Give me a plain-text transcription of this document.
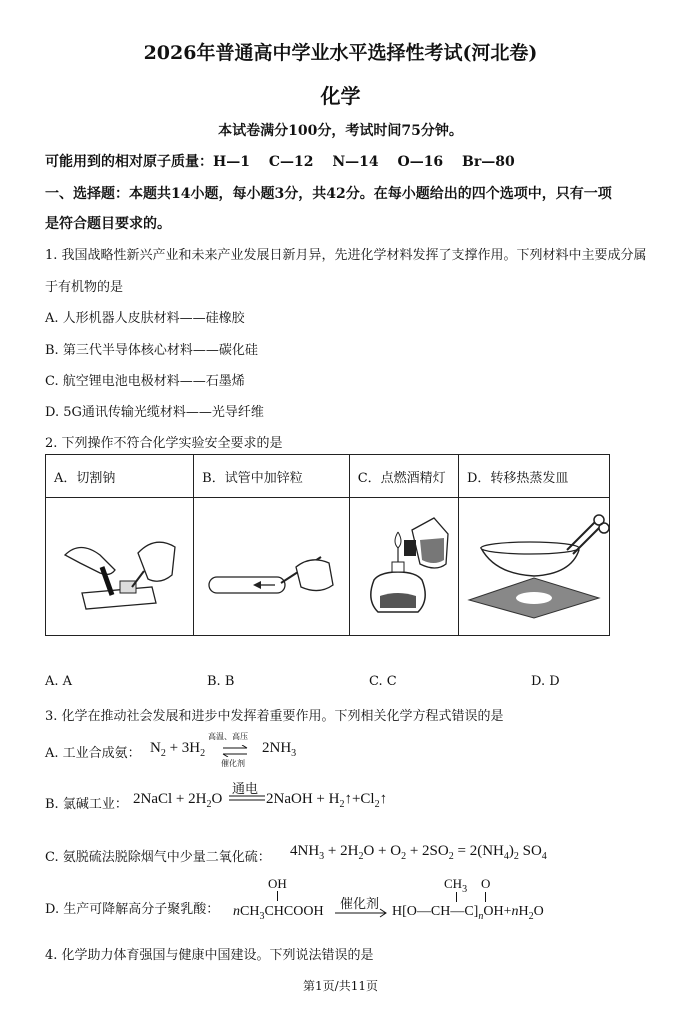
2026年普通高中学业水平选择性考试(河北卷)
化学
本试卷满分100分，考试时间75分钟。
可能用到的相对原子质量：H—1　 C—12　 N—14　 O—16　 Br—80
一、选择题：本题共14小题，每小题3分，共42分。在每小题给出的四个选项中，只有一项
是符合题目要求的。
1. 我国战略性新兴产业和未来产业发展日新月异，先进化学材料发挥了支撑作用。下列材料中主要成分属
于有机物的是
A. 人形机器人皮肤材料——硅橡胶
B. 第三代半导体核心材料——碳化硅
C. 航空锂电池电极材料——石墨烯
D. 5G通讯传输光缆材料——光导纤维
2. 下列操作不符合化学实验安全要求的是
A．切割钠	B．试管中加锌粒	C．点燃酒精灯	D．转移热蒸发皿

A. A	B. B	C. C	D. D
3. 化学在推动社会发展和进步中发挥着重要作用。下列相关化学方程式错误的是
A. 工业合成氨： $N_2 + 3H_2$
高温、高压
催化剂
$2NH_3$
B. 氯碱工业： 2NaCl + $2H_2O$
通电
2NaOH + $H_2↑+Cl_2↑$
C. 氨脱硫法脱除烟气中少量二氧化硫： $4NH_3 + 2H_2O + O_2 + 2SO_2 = 2(NH_4)_2$ $SO_4$
D. 生产可降解高分子聚乳酸：
OH
nCH$_3$CHCOOH 催化剂
$CH_3$ O
$H[O—CH—C]_nOH+nH_2O$
4. 化学助力体育强国与健康中国建设。下列说法错误的是
第1页/共11页
